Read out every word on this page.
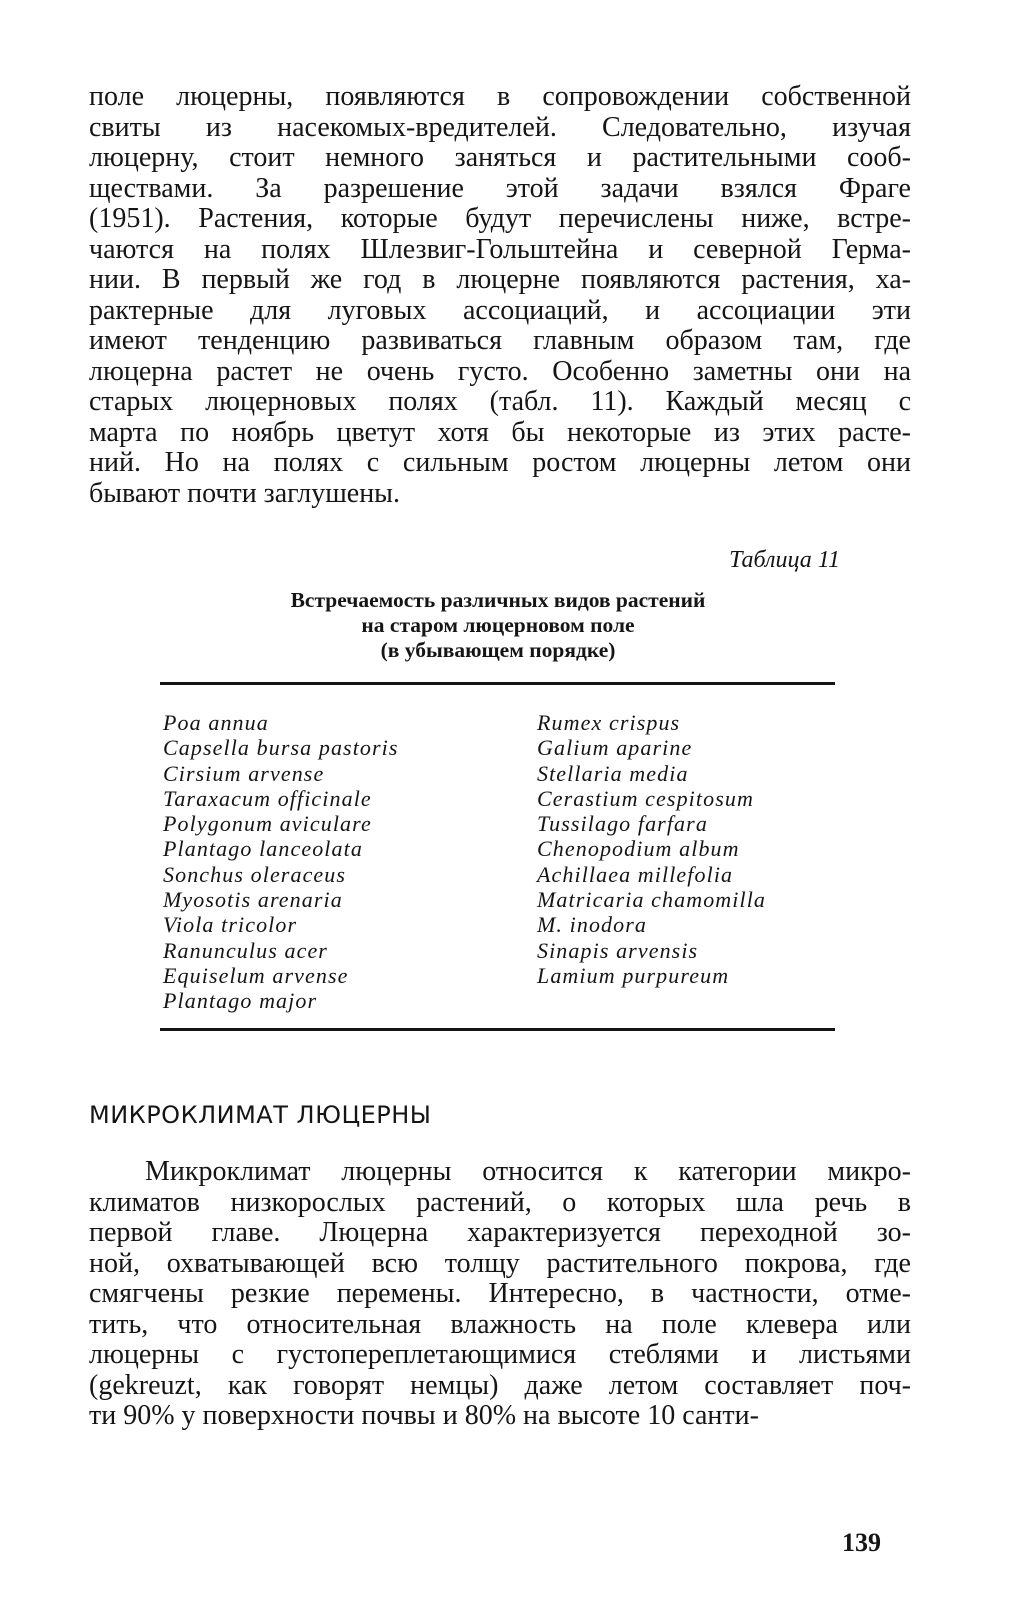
поле люцерны, появляются в сопровождении собственной
свиты из насекомых-вредителей. Следовательно, изучая
люцерну, стоит немного заняться и растительными сооб-
ществами. За разрешение этой задачи взялся Фраге
(1951). Растения, которые будут перечислены ниже, встре-
чаются на полях Шлезвиг-Гольштейна и северной Герма-
нии. В первый же год в люцерне появляются растения, ха-
рактерные для луговых ассоциаций, и ассоциации эти
имеют тенденцию развиваться главным образом там, где
люцерна растет не очень густо. Особенно заметны они на
старых люцерновых полях (табл. 11). Каждый месяц с
марта по ноябрь цветут хотя бы некоторые из этих расте-
ний. Но на полях с сильным ростом люцерны летом они
бывают почти заглушены.

Таблица 11

Встречаемость различных видов растений
на старом люцерновом поле
(в убывающем порядке)
Poa annua
Capsella bursa pastoris
Cirsium arvense
Taraxacum officinale
Polygonum aviculare
Plantago lanceolata
Sonchus oleraceus
Myosotis arenaria
Viola tricolor
Ranunculus acer
Equiselum arvense
Plantago major
Rumex crispus
Galium aparine
Stellaria media
Cerastium cespitosum
Tussilago farfara
Chenopodium album
Achillaea millefolia
Matricaria chamomilla
M. inodora
Sinapis arvensis
Lamium purpureum
МИКРОКЛИМАТ ЛЮЦЕРНЫ
Микроклимат люцерны относится к категории микро-
климатов низкорослых растений, о которых шла речь в
первой главе. Люцерна характеризуется переходной зо-
ной, охватывающей всю толщу растительного покрова, где
смягчены резкие перемены. Интересно, в частности, отме-
тить, что относительная влажность на поле клевера или
люцерны с густопереплетающимися стеблями и листьями
(gekreuzt, как говорят немцы) даже летом составляет поч-
ти 90% у поверхности почвы и 80% на высоте 10 санти-

139
